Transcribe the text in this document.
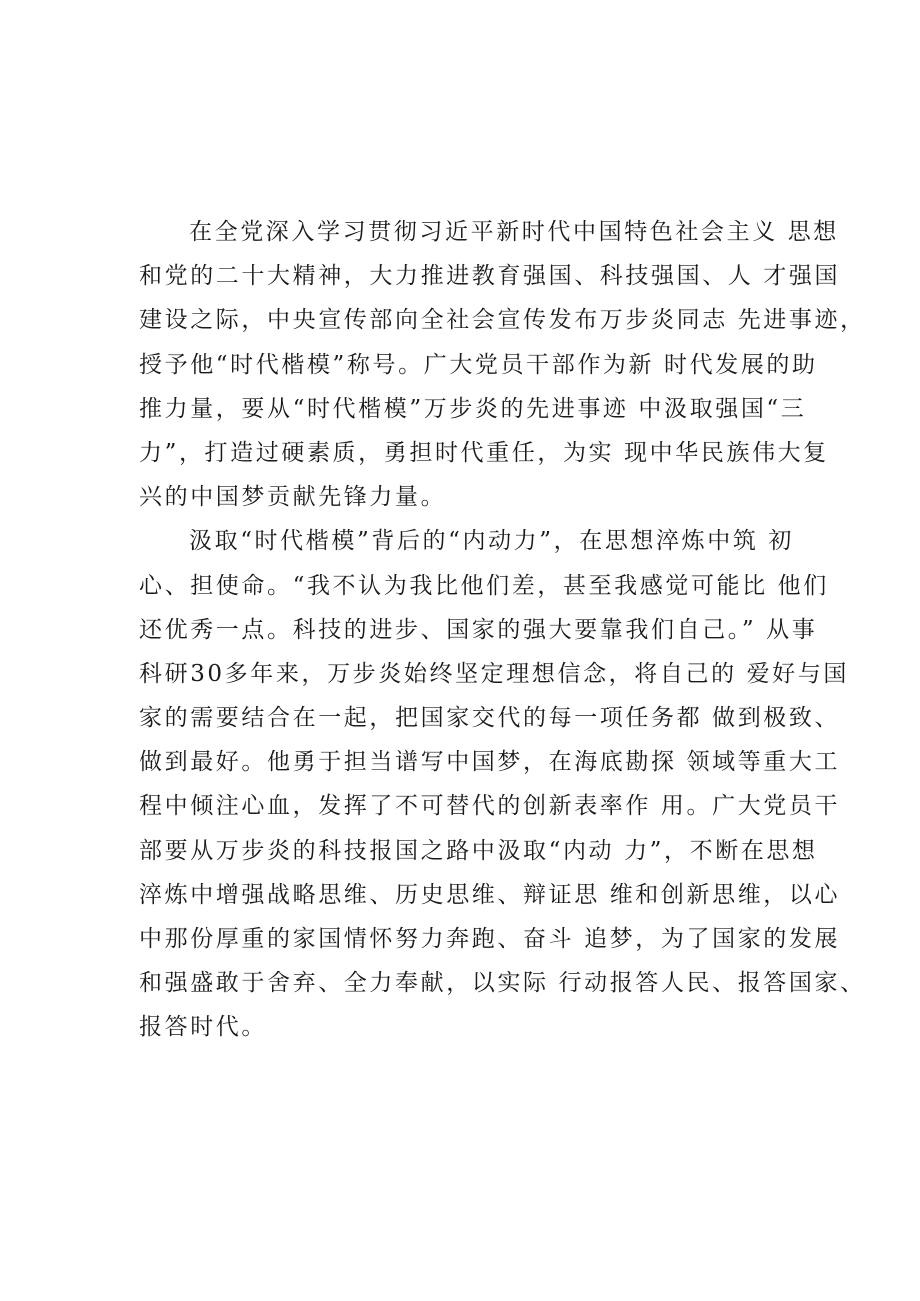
在全党深入学习贯彻习近平新时代中国特色社会主义 思想
和党的二十大精神，大力推进教育强国、科技强国、人 才强国
建设之际，中央宣传部向全社会宣传发布万步炎同志 先进事迹，
授予他“时代楷模”称号。广大党员干部作为新 时代发展的助
推力量，要从“时代楷模”万步炎的先进事迹 中汲取强国“三
力”，打造过硬素质，勇担时代重任，为实 现中华民族伟大复
兴的中国梦贡献先锋力量。
汲取“时代楷模”背后的“内动力”，在思想淬炼中筑 初
心、担使命。“我不认为我比他们差，甚至我感觉可能比 他们
还优秀一点。科技的进步、国家的强大要靠我们自己。” 从事
科研30多年来，万步炎始终坚定理想信念，将自己的 爱好与国
家的需要结合在一起，把国家交代的每一项任务都 做到极致、
做到最好。他勇于担当谱写中国梦，在海底勘探 领域等重大工
程中倾注心血，发挥了不可替代的创新表率作 用。广大党员干
部要从万步炎的科技报国之路中汲取“内动 力”，不断在思想
淬炼中增强战略思维、历史思维、辩证思 维和创新思维，以心
中那份厚重的家国情怀努力奔跑、奋斗 追梦，为了国家的发展
和强盛敢于舍弃、全力奉献，以实际 行动报答人民、报答国家、
报答时代。
